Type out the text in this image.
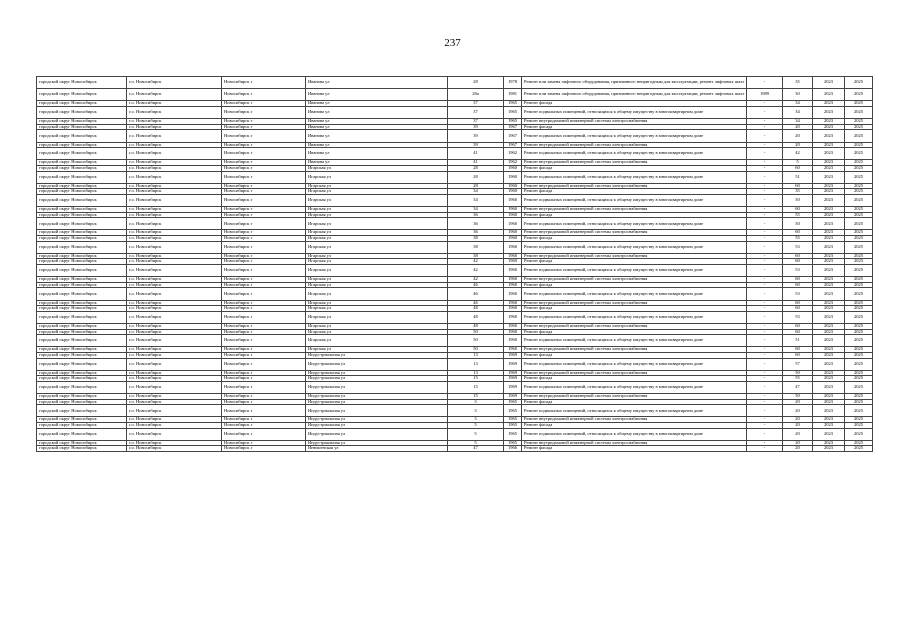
237
городской округ Новосибирск	г.о. Новосибирск	Новосибирск г	Иванова ул	28	1978	Ремонт или замена лифтового оборудования, признанного непригодным для эксплуатации, ремонт лифтовых шахт	-	35	2023	2025
городской округ Новосибирск	г.о. Новосибирск	Новосибирск г	Иванова ул	28а	1981	Ремонт или замена лифтового оборудования, признанного непригодным для эксплуатации, ремонт лифтовых шахт	1989	30	2023	2025
городской округ Новосибирск	г.о. Новосибирск	Новосибирск г	Иванова ул	37	1965	Ремонт фасада	-	34	2023	2025
городской округ Новосибирск	г.о. Новосибирск	Новосибирск г	Иванова ул	37	1965	Ремонт подвальных помещений, относящихся к общему имуществу в многоквартирном доме	-	34	2023	2025
городской округ Новосибирск	г.о. Новосибирск	Новосибирск г	Иванова ул	37	1965	Ремонт внутридомовой инженерной системы электроснабжения	-	34	2023	2025
городской округ Новосибирск	г.о. Новосибирск	Новосибирск г	Иванова ул	39	1967	Ремонт фасада	-	20	2023	2025
городской округ Новосибирск	г.о. Новосибирск	Новосибирск г	Иванова ул	39	1967	Ремонт подвальных помещений, относящихся к общему имуществу в многоквартирном доме	-	20	2023	2025
городской округ Новосибирск	г.о. Новосибирск	Новосибирск г	Иванова ул	39	1967	Ремонт внутридомовой инженерной системы электроснабжения	-	20	2023	2025
городской округ Новосибирск	г.о. Новосибирск	Новосибирск г	Иванова ул	41	1962	Ремонт подвальных помещений, относящихся к общему имуществу в многоквартирном доме	-	42	2023	2025
городской округ Новосибирск	г.о. Новосибирск	Новосибирск г	Иванова ул	41	1962	Ремонт внутридомовой инженерной системы электроснабжения	-	5	2023	2025
городской округ Новосибирск	г.о. Новосибирск	Новосибирск г	Игарская ул	28	1960	Ремонт фасада	-	60	2023	2025
городской округ Новосибирск	г.о. Новосибирск	Новосибирск г	Игарская ул	28	1960	Ремонт подвальных помещений, относящихся к общему имуществу в многоквартирном доме	-	51	2023	2025
городской округ Новосибирск	г.о. Новосибирск	Новосибирск г	Игарская ул	28	1960	Ремонт внутридомовой инженерной системы электроснабжения	-	60	2023	2025
городской округ Новосибирск	г.о. Новосибирск	Новосибирск г	Игарская ул	34	1960	Ремонт фасада	-	35	2023	2025
городской округ Новосибирск	г.о. Новосибирск	Новосибирск г	Игарская ул	34	1960	Ремонт подвальных помещений, относящихся к общему имуществу в многоквартирном доме	-	50	2023	2025
городской округ Новосибирск	г.о. Новосибирск	Новосибирск г	Игарская ул	34	1960	Ремонт внутридомовой инженерной системы электроснабжения	-	60	2023	2025
городской округ Новосибирск	г.о. Новосибирск	Новосибирск г	Игарская ул	36	1960	Ремонт фасада	-	55	2023	2025
городской округ Новосибирск	г.о. Новосибирск	Новосибирск г	Игарская ул	36	1960	Ремонт подвальных помещений, относящихся к общему имуществу в многоквартирном доме	-	50	2023	2025
городской округ Новосибирск	г.о. Новосибирск	Новосибирск г	Игарская ул	36	1960	Ремонт внутридомовой инженерной системы электроснабжения	-	60	2023	2025
городской округ Новосибирск	г.о. Новосибирск	Новосибирск г	Игарская ул	38	1960	Ремонт фасада	-	55	2023	2025
городской округ Новосибирск	г.о. Новосибирск	Новосибирск г	Игарская ул	38	1960	Ремонт подвальных помещений, относящихся к общему имуществу в многоквартирном доме	-	53	2023	2025
городской округ Новосибирск	г.о. Новосибирск	Новосибирск г	Игарская ул	38	1960	Ремонт внутридомовой инженерной системы электроснабжения	-	60	2023	2025
городской округ Новосибирск	г.о. Новосибирск	Новосибирск г	Игарская ул	42	1960	Ремонт фасада	-	60	2023	2025
городской округ Новосибирск	г.о. Новосибирск	Новосибирск г	Игарская ул	42	1960	Ремонт подвальных помещений, относящихся к общему имуществу в многоквартирном доме	-	53	2023	2025
городской округ Новосибирск	г.о. Новосибирск	Новосибирск г	Игарская ул	42	1960	Ремонт внутридомовой инженерной системы электроснабжения	-	60	2023	2025
городской округ Новосибирск	г.о. Новосибирск	Новосибирск г	Игарская ул	46	1960	Ремонт фасада	-	60	2023	2025
городской округ Новосибирск	г.о. Новосибирск	Новосибирск г	Игарская ул	46	1960	Ремонт подвальных помещений, относящихся к общему имуществу в многоквартирном доме	-	53	2023	2025
городской округ Новосибирск	г.о. Новосибирск	Новосибирск г	Игарская ул	46	1960	Ремонт внутридомовой инженерной системы электроснабжения	-	60	2023	2025
городской округ Новосибирск	г.о. Новосибирск	Новосибирск г	Игарская ул	48	1960	Ремонт фасада	-	60	2023	2025
городской округ Новосибирск	г.о. Новосибирск	Новосибирск г	Игарская ул	48	1960	Ремонт подвальных помещений, относящихся к общему имуществу в многоквартирном доме	-	53	2023	2025
городской округ Новосибирск	г.о. Новосибирск	Новосибирск г	Игарская ул	48	1960	Ремонт внутридомовой инженерной системы электроснабжения	-	60	2023	2025
городской округ Новосибирск	г.о. Новосибирск	Новосибирск г	Игарская ул	50	1960	Ремонт фасада	-	60	2023	2025
городской округ Новосибирск	г.о. Новосибирск	Новосибирск г	Игарская ул	50	1960	Ремонт подвальных помещений, относящихся к общему имуществу в многоквартирном доме	-	51	2023	2025
городской округ Новосибирск	г.о. Новосибирск	Новосибирск г	Игарская ул	50	1960	Ремонт внутридомовой инженерной системы электроснабжения	-	60	2023	2025
городской округ Новосибирск	г.о. Новосибирск	Новосибирск г	Индустриальная ул	13	1969	Ремонт фасада	-	60	2023	2025
городской округ Новосибирск	г.о. Новосибирск	Новосибирск г	Индустриальная ул	13	1969	Ремонт подвальных помещений, относящихся к общему имуществу в многоквартирном доме	-	57	2023	2025
городской округ Новосибирск	г.о. Новосибирск	Новосибирск г	Индустриальная ул	13	1969	Ремонт внутридомовой инженерной системы электроснабжения	-	50	2023	2025
городской округ Новосибирск	г.о. Новосибирск	Новосибирск г	Индустриальная ул	15	1969	Ремонт фасада	-	55	2023	2025
городской округ Новосибирск	г.о. Новосибирск	Новосибирск г	Индустриальная ул	15	1969	Ремонт подвальных помещений, относящихся к общему имуществу в многоквартирном доме	-	47	2023	2025
городской округ Новосибирск	г.о. Новосибирск	Новосибирск г	Индустриальная ул	15	1969	Ремонт внутридомовой инженерной системы электроснабжения	-	50	2023	2025
городской округ Новосибирск	г.о. Новосибирск	Новосибирск г	Индустриальная ул	3	1965	Ремонт фасада	-	20	2023	2025
городской округ Новосибирск	г.о. Новосибирск	Новосибирск г	Индустриальная ул	3	1965	Ремонт подвальных помещений, относящихся к общему имуществу в многоквартирном доме	-	20	2023	2025
городской округ Новосибирск	г.о. Новосибирск	Новосибирск г	Индустриальная ул	3	1965	Ремонт внутридомовой инженерной системы электроснабжения	-	20	2023	2025
городской округ Новосибирск	г.о. Новосибирск	Новосибирск г	Индустриальная ул	5	1965	Ремонт фасада	-	20	2023	2025
городской округ Новосибирск	г.о. Новосибирск	Новосибирск г	Индустриальная ул	5	1965	Ремонт подвальных помещений, относящихся к общему имуществу в многоквартирном доме	-	20	2023	2025
городской округ Новосибирск	г.о. Новосибирск	Новосибирск г	Индустриальная ул	5	1965	Ремонт внутридомовой инженерной системы электроснабжения	-	20	2023	2025
городской округ Новосибирск	г.о. Новосибирск	Новосибирск г	Инюшенская ул	47	1966	Ремонт фасада	-	20	2023	2025
